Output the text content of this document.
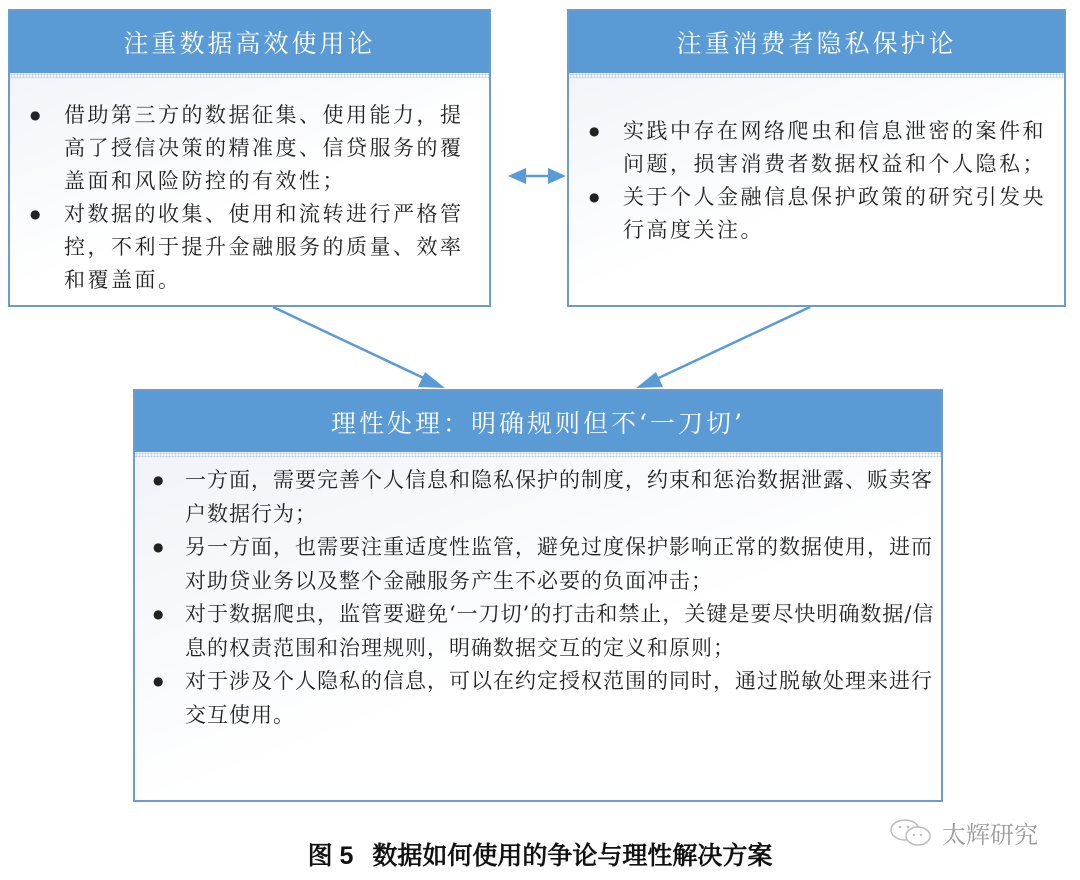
注重数据高效使用论
● 借助第三方的数据征集、使用能力，提高了授信决策的精准度、信贷服务的覆盖面和风险防控的有效性；
● 对数据的收集、使用和流转进行严格管控，不利于提升金融服务的质量、效率和覆盖面。
注重消费者隐私保护论
● 实践中存在网络爬虫和信息泄密的案件和问题，损害消费者数据权益和个人隐私；
● 关于个人金融信息保护政策的研究引发央行高度关注。
理性处理：明确规则但不‘一刀切’
● 一方面，需要完善个人信息和隐私保护的制度，约束和惩治数据泄露、贩卖客户数据行为；
● 另一方面，也需要注重适度性监管，避免过度保护影响正常的数据使用，进而对助贷业务以及整个金融服务产生不必要的负面冲击；
● 对于数据爬虫，监管要避免‘一刀切’的打击和禁止，关键是要尽快明确数据/信息的权责范围和治理规则，明确数据交互的定义和原则；
● 对于涉及个人隐私的信息，可以在约定授权范围的同时，通过脱敏处理来进行交互使用。
图 5 数据如何使用的争论与理性解决方案
太辉研究
